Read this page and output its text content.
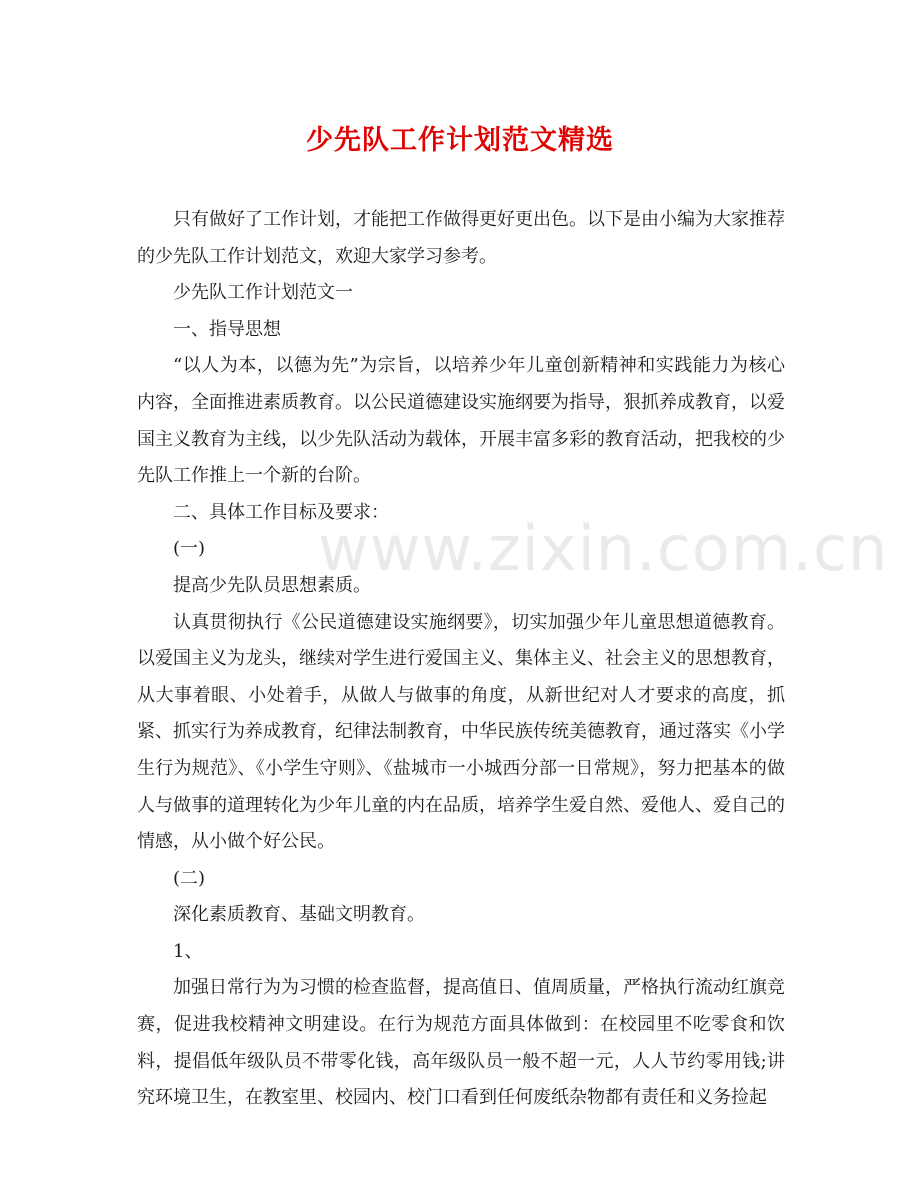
少先队工作计划范文精选
www.zixin.com.cn

只有做好了工作计划，才能把工作做得更好更出色。以下是由小编为大家推荐的少先队工作计划范文，欢迎大家学习参考。

少先队工作计划范文一

一、指导思想

“以人为本，以德为先”为宗旨，以培养少年儿童创新精神和实践能力为核心内容，全面推进素质教育。以公民道德建设实施纲要为指导，狠抓养成教育，以爱国主义教育为主线，以少先队活动为载体，开展丰富多彩的教育活动，把我校的少先队工作推上一个新的台阶。

二、具体工作目标及要求：

(一)

提高少先队员思想素质。

认真贯彻执行《公民道德建设实施纲要》，切实加强少年儿童思想道德教育。以爱国主义为龙头，继续对学生进行爱国主义、集体主义、社会主义的思想教育，从大事着眼、小处着手，从做人与做事的角度，从新世纪对人才要求的高度，抓紧、抓实行为养成教育，纪律法制教育，中华民族传统美德教育，通过落实《小学生行为规范》、《小学生守则》、《盐城市一小城西分部一日常规》，努力把基本的做人与做事的道理转化为少年儿童的内在品质，培养学生爱自然、爱他人、爱自己的情感，从小做个好公民。

(二)

深化素质教育、基础文明教育。

1、

加强日常行为为习惯的检查监督，提高值日、值周质量，严格执行流动红旗竞赛，促进我校精神文明建设。在行为规范方面具体做到：在校园里不吃零食和饮料，提倡低年级队员不带零化钱，高年级队员一般不超一元，人人节约零用钱;讲究环境卫生，在教室里、校园内、校门口看到任何废纸杂物都有责任和义务捡起
